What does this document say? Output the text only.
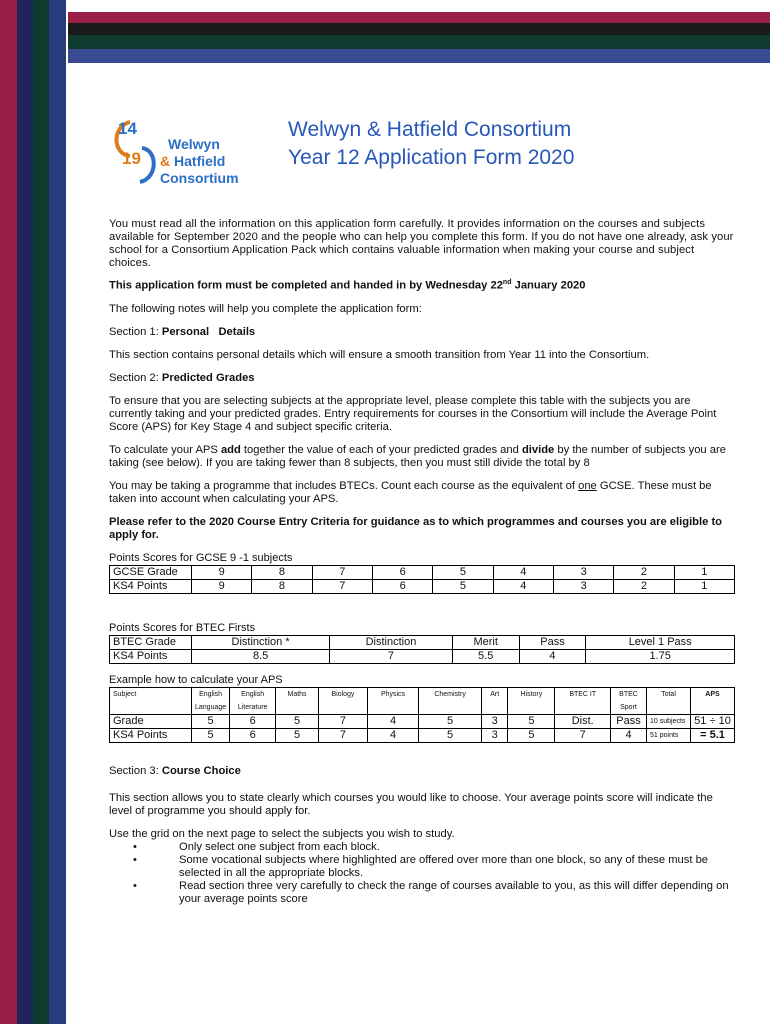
14
19
Welwyn
& Hatfield
Consortium
Welwyn & Hatfield Consortium
Year 12 Application Form 2020

You must read all the information on this application form carefully. It provides information on the courses and subjects available for September 2020 and the people who can help you complete this form. If you do not have one already, ask your school for a Consortium Application Pack which contains valuable information when making your course and subject choices.

This application form must be completed and handed in by Wednesday 22nd January 2020

The following notes will help you complete the application form:

Section 1: Personal   Details

This section contains personal details which will ensure a smooth transition from Year 11 into the Consortium.

Section 2: Predicted Grades

To ensure that you are selecting subjects at the appropriate level, please complete this table with the subjects you are currently taking and your predicted grades. Entry requirements for courses in the Consortium will include the Average Point Score (APS) for Key Stage 4 and subject specific criteria.

To calculate your APS add together the value of each of your predicted grades and divide by the number of subjects you are taking (see below). If you are taking fewer than 8 subjects, then you must still divide the total by 8

You may be taking a programme that includes BTECs. Count each course as the equivalent of one GCSE. These must be taken into account when calculating your APS.

Please refer to the 2020 Course Entry Criteria for guidance as to which programmes and courses you are eligible to apply for.

Points Scores for GCSE 9 -1 subjects
GCSE Grade	9	8	7	6	5	4	3	2	1
KS4 Points	9	8	7	6	5	4	3	2	1
Points Scores for BTEC Firsts
BTEC Grade	Distinction *	Distinction	Merit	Pass	Level 1 Pass
KS4 Points	8.5	7	5.5	4	1.75
Example how to calculate your APS
Subject	English Language	English Literature	Maths	Biology	Physics	Chemistry	Art	History	BTEC IT	BTEC Sport	Total	APS
Grade	5	6	5	7	4	5	3	5	Dist.	Pass	10 subjects	51 ÷ 10
KS4 Points	5	6	5	7	4	5	3	5	7	4	51 points	= 5.1

Section 3: Course Choice

This section allows you to state clearly which courses you would like to choose. Your average points score will indicate the level of programme you should apply for.

Use the grid on the next page to select the subjects you wish to study.

• Only select one subject from each block.
• Some vocational subjects where highlighted are offered over more than one block, so any of these must be selected in all the appropriate blocks.
• Read section three very carefully to check the range of courses available to you, as this will differ depending on your average points score
